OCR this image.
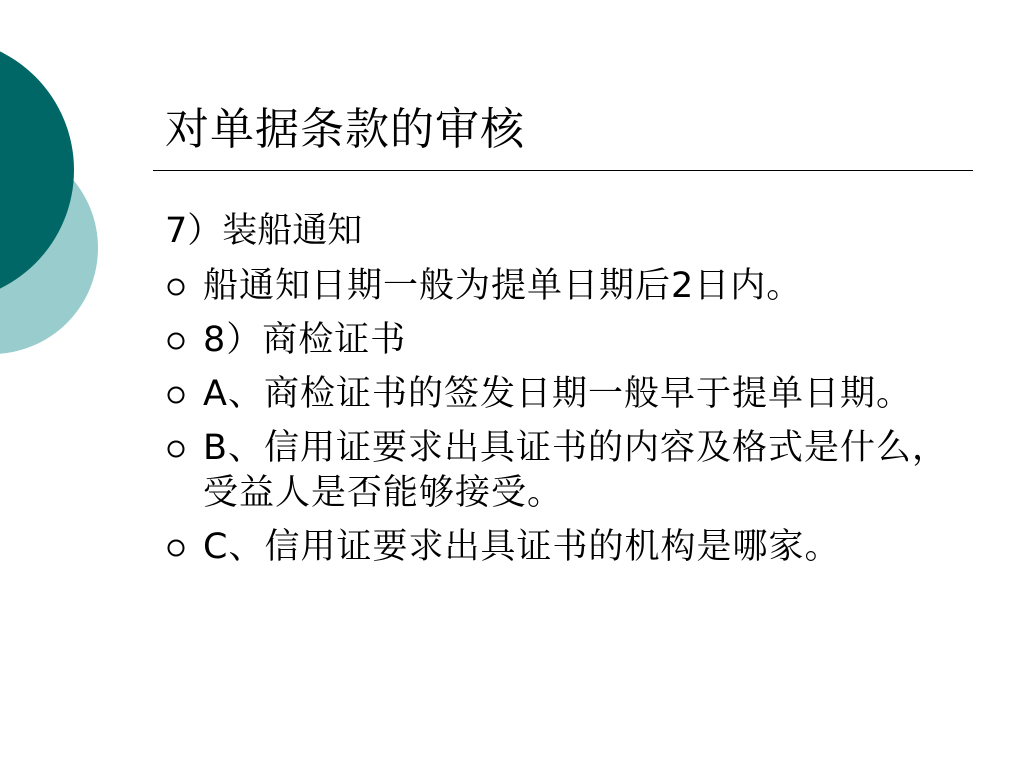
对单据条款的审核
7）装船通知
船通知日期一般为提单日期后2日内。
8）商检证书
A、商检证书的签发日期一般早于提单日期。
B、信用证要求出具证书的内容及格式是什么，受益人是否能够接受。
C、信用证要求出具证书的机构是哪家。
